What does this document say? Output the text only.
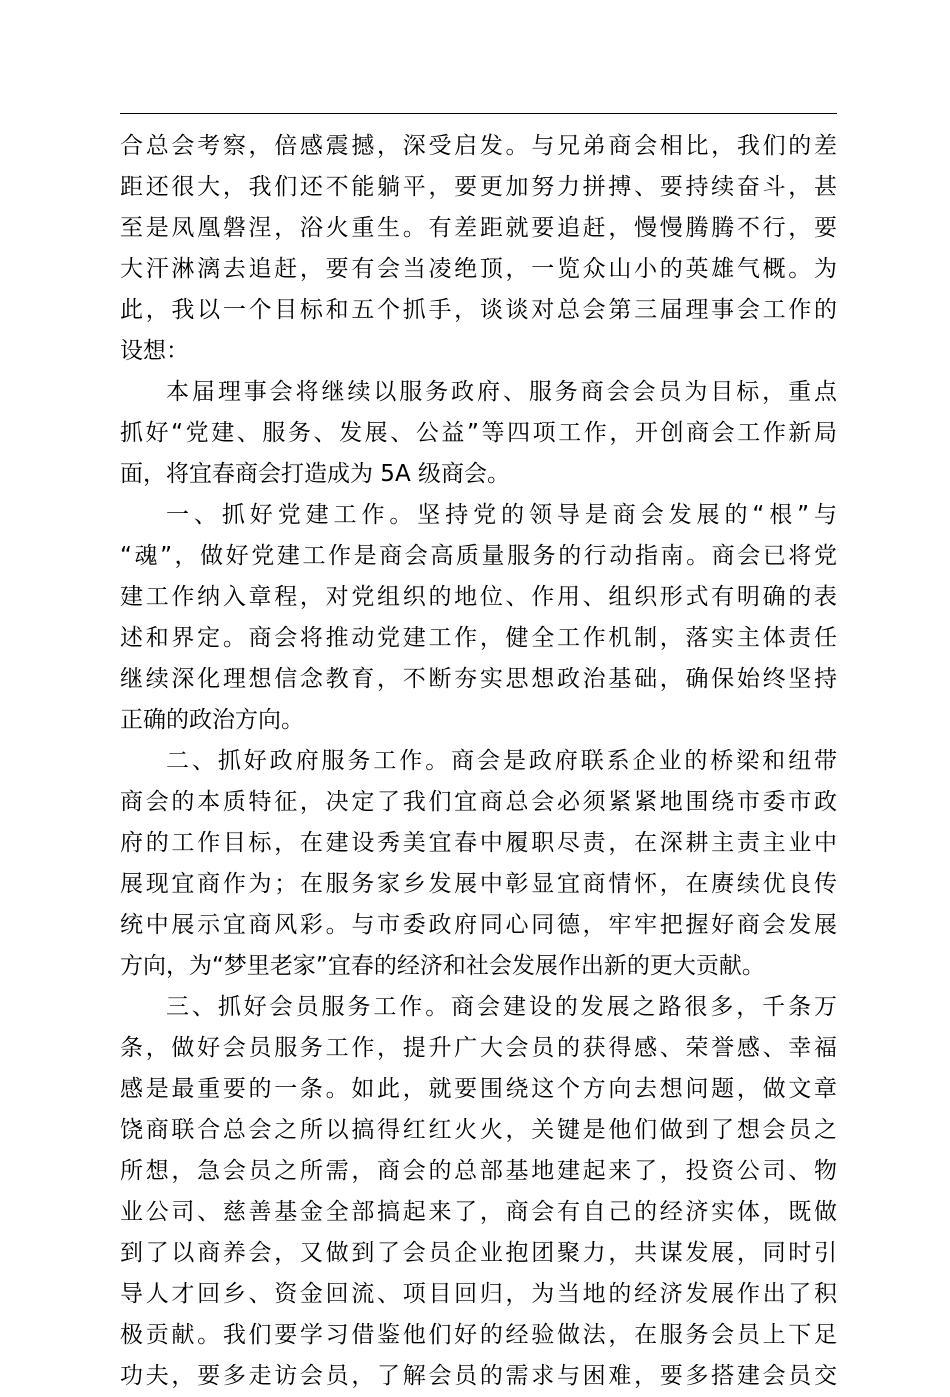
合总会考察，倍感震撼，深受启发。与兄弟商会相比，我们的差
距还很大，我们还不能躺平，要更加努力拼搏、要持续奋斗，甚
至是凤凰磐涅，浴火重生。有差距就要追赶，慢慢腾腾不行，要
大汗淋漓去追赶，要有会当凌绝顶，一览众山小的英雄气概。为
此，我以一个目标和五个抓手，谈谈对总会第三届理事会工作的
设想：
本届理事会将继续以服务政府、服务商会会员为目标，重点
抓好“党建、服务、发展、公益”等四项工作，开创商会工作新局
面，将宜春商会打造成为 5A 级商会。
一、抓好党建工作。坚持党的领导是商会发展的“根”与
“魂”，做好党建工作是商会高质量服务的行动指南。商会已将党
建工作纳入章程，对党组织的地位、作用、组织形式有明确的表
述和界定。商会将推动党建工作，健全工作机制，落实主体责任
继续深化理想信念教育，不断夯实思想政治基础，确保始终坚持
正确的政治方向。
二、抓好政府服务工作。商会是政府联系企业的桥梁和纽带
商会的本质特征，决定了我们宜商总会必须紧紧地围绕市委市政
府的工作目标，在建设秀美宜春中履职尽责，在深耕主责主业中
展现宜商作为；在服务家乡发展中彰显宜商情怀，在赓续优良传
统中展示宜商风彩。与市委政府同心同德，牢牢把握好商会发展
方向，为“梦里老家”宜春的经济和社会发展作出新的更大贡献。
三、抓好会员服务工作。商会建设的发展之路很多，千条万
条，做好会员服务工作，提升广大会员的获得感、荣誉感、幸福
感是最重要的一条。如此，就要围绕这个方向去想问题，做文章
饶商联合总会之所以搞得红红火火，关键是他们做到了想会员之
所想，急会员之所需，商会的总部基地建起来了，投资公司、物
业公司、慈善基金全部搞起来了，商会有自己的经济实体，既做
到了以商养会，又做到了会员企业抱团聚力，共谋发展，同时引
导人才回乡、资金回流、项目回归，为当地的经济发展作出了积
极贡献。我们要学习借鉴他们好的经验做法，在服务会员上下足
功夫，要多走访会员，了解会员的需求与困难，要多搭建会员交
